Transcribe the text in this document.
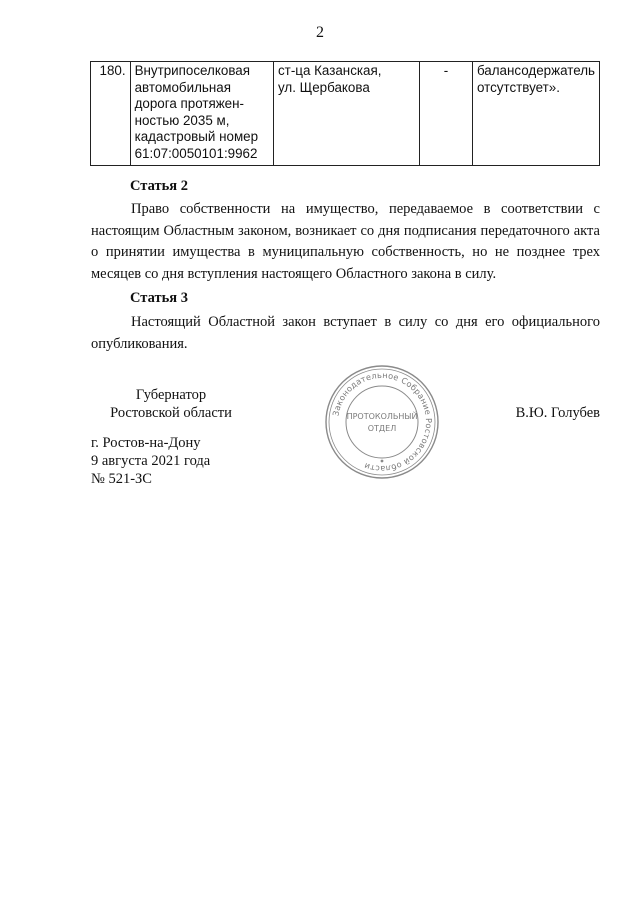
2
180.	Внутрипоселковая
автомобильная
дорога протяжен-
ностью 2035 м,
кадастровый номер
61:07:0050101:9962	ст-ца Казанская,
ул. Щербакова	-	балансодержатель
отсутствует».
Статья 2
Право собственности на имущество, передаваемое в соответствии с настоящим Областным законом, возникает со дня подписания передаточного акта о принятии имущества в муниципальную собственность, но не позднее трех месяцев со дня вступления настоящего Областного закона в силу.
Статья 3
Настоящий Областной закон вступает в силу со дня его официального опубликования.
Губернатор
Ростовской области	Законодательное Собрание Ростовской области
ПРОТОКОЛЬНЫЙ
ОТДЕЛ
В.Ю. Голубев
г. Ростов-на-Дону
9 августа 2021 года
№ 521-ЗС
